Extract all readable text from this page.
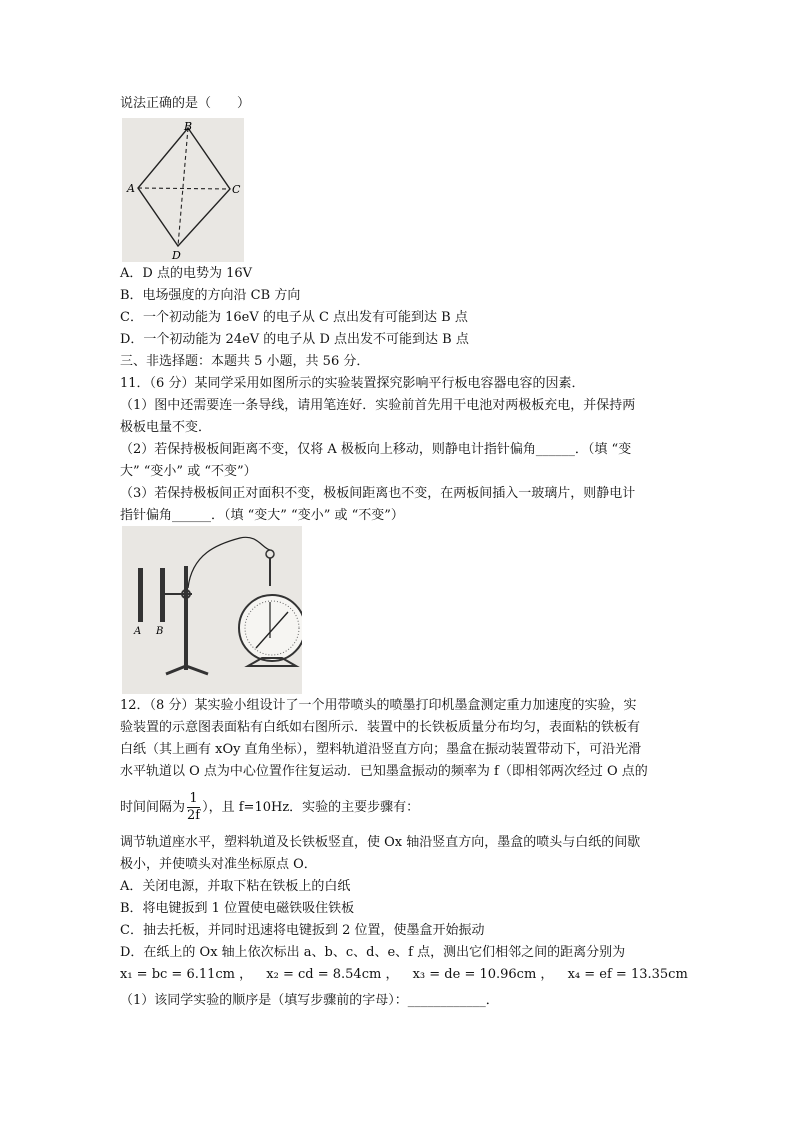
说法正确的是（　　）
B
A	C
D
A．D 点的电势为 16V
B．电场强度的方向沿 CB 方向
C．一个初动能为 16eV 的电子从 C 点出发有可能到达 B 点
D．一个初动能为 24eV 的电子从 D 点出发不可能到达 B 点
三、非选择题：本题共 5 小题，共 56 分．
11．（6 分）某同学采用如图所示的实验装置探究影响平行板电容器电容的因素．
（1）图中还需要连一条导线，请用笔连好．实验前首先用干电池对两极板充电，并保持两
极板电量不变．
（2）若保持极板间距离不变，仅将 A 极板向上移动，则静电计指针偏角______．（填 “变
大” “变小” 或 “不变”）
（3）若保持极板间正对面积不变，极板间距离也不变，在两板间插入一玻璃片，则静电计
指针偏角______．（填 “变大” “变小” 或 “不变”）
A B
12．（8 分）某实验小组设计了一个用带喷头的喷墨打印机墨盒测定重力加速度的实验，实
验装置的示意图表面粘有白纸如右图所示．装置中的长铁板质量分布均匀，表面粘的铁板有
白纸（其上画有 xOy 直角坐标），塑料轨道沿竖直方向；墨盒在振动装置带动下，可沿光滑
水平轨道以 O 点为中心位置作往复运动．已知墨盒振动的频率为 f（即相邻两次经过 O 点的
时间间隔为 $\frac{1}{2f}$ ），且 f=10Hz．实验的主要步骤有：
调节轨道座水平，塑料轨道及长铁板竖直，使 Ox 轴沿竖直方向，墨盒的喷头与白纸的间歇
极小，并使喷头对准坐标原点 O．
A．关闭电源，并取下粘在铁板上的白纸
B．将电键扳到 1 位置使电磁铁吸住铁板
C．抽去托板，并同时迅速将电键扳到 2 位置，使墨盒开始振动
D．在纸上的 Ox 轴上依次标出 a、b、c、d、e、f 点，测出它们相邻之间的距离分别为
x₁ = bc = 6.11cm ， x₂ = cd = 8.54cm ， x₃ = de = 10.96cm ， x₄ = ef = 13.35cm
（1）该同学实验的顺序是（填写步骤前的字母）：____________．
